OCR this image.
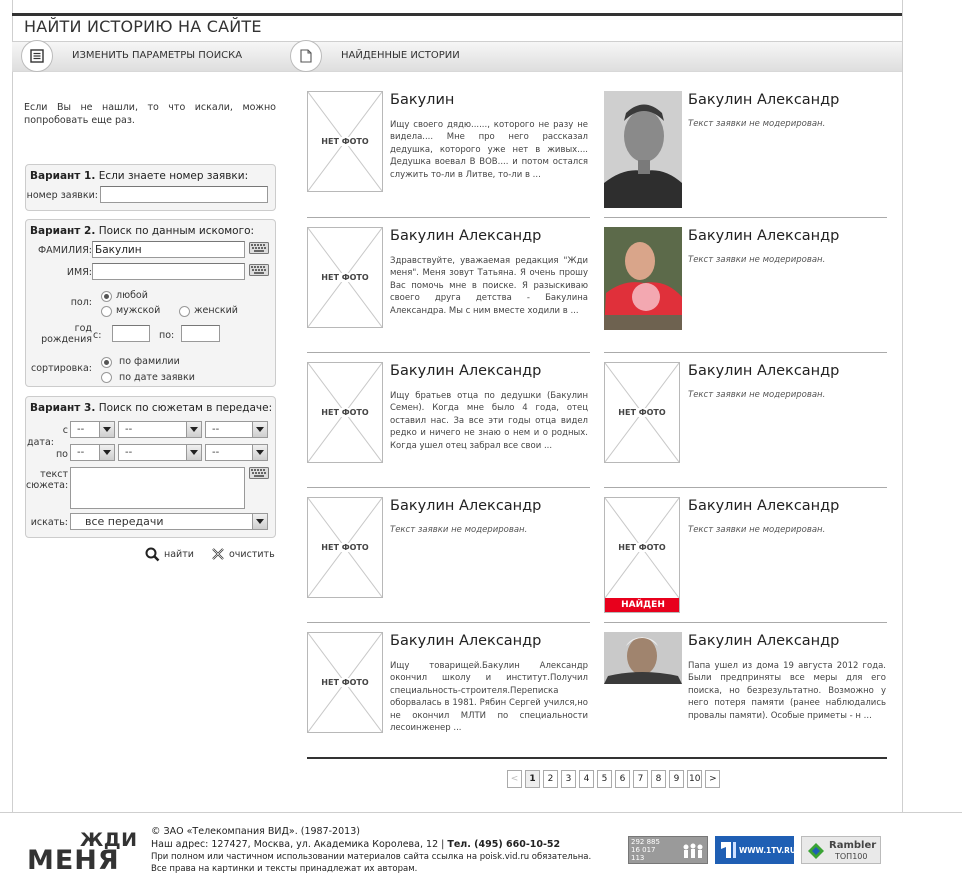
НАЙТИ ИСТОРИЮ НА САЙТЕ
ИЗМЕНИТЬ ПАРАМЕТРЫ ПОИСКА	НАЙДЕННЫЕ ИСТОРИИ
Если Вы не нашли, то что искали, можно попробовать еще раз.
Вариант 1. Если знаете номер заявки:
номер заявки:
Вариант 2. Поиск по данным искомого:
ФАМИЛИЯ: Бакулин
ИМЯ:
пол:
любой
мужской	женский
год
рождения с:	по:
сортировка:
по фамилии
по дате заявки
Вариант 3. Поиск по сюжетам в передаче:
с
дата:
--	--	--
по --	--	--
текст
сюжета:
искать:	все передачи
найти	очистить
НЕТ ФОТО
Бакулин
Ищу своего дядю......, которого не разу не видела.... Мне про него рассказал дедушка, которого уже нет в живых.... Дедушка воевал В ВОВ.... и потом остался служить то-ли в Литве, то-ли в ...
Бакулин Александр
Текст заявки не модерирован.
НЕТ ФОТО
Бакулин Александр
Здравствуйте, уважаемая редакция "Жди меня". Меня зовут Татьяна. Я очень прошу Вас помочь мне в поиске. Я разыскиваю своего друга детства - Бакулина Александра. Мы с ним вместе ходили в ...
Бакулин Александр
Текст заявки не модерирован.
НЕТ ФОТО
Бакулин Александр
Ищу братьев отца по дедушки (Бакулин Семен). Когда мне было 4 года, отец оставил нас. За все эти годы отца видел редко и ничего не знаю о нем и о родных. Когда ушел отец забрал все свои ...
НЕТ ФОТО
Бакулин Александр
Текст заявки не модерирован.
НЕТ ФОТО
Бакулин Александр
Текст заявки не модерирован.
НЕТ ФОТО
НАЙДЕН
Бакулин Александр
Текст заявки не модерирован.
НЕТ ФОТО
Бакулин Александр
Ищу товарищей.Бакулин Александр окончил школу и институт.Получил специальность-строителя.Переписка оборвалась в 1981. Рябин Сергей учился,но не окончил МЛТИ по специальности лесоинженер ...
Бакулин Александр
Папа ушел из дома 19 августа 2012 года. Были предприняты все меры для его поиска, но безрезультатно. Возможно у него потеря памяти (ранее наблюдались провалы памяти). Особые приметы - н ...
<	1	2	3	4	5	6	7	8	9	10 >
ЖДИ
МЕНЯ
© ЗАО «Телекомпания ВИД». (1987-2013)
Наш адрес: 127427, Москва, ул. Академика Королева, 12 | Тел. (495) 660-10-52
При полном или частичном использовании материалов сайта ссылка на poisk.vid.ru обязательна.
Все права на картинки и тексты принадлежат их авторам.
292 885
16 017
113
WWW.1TV.RU	Rambler
ТОП100
